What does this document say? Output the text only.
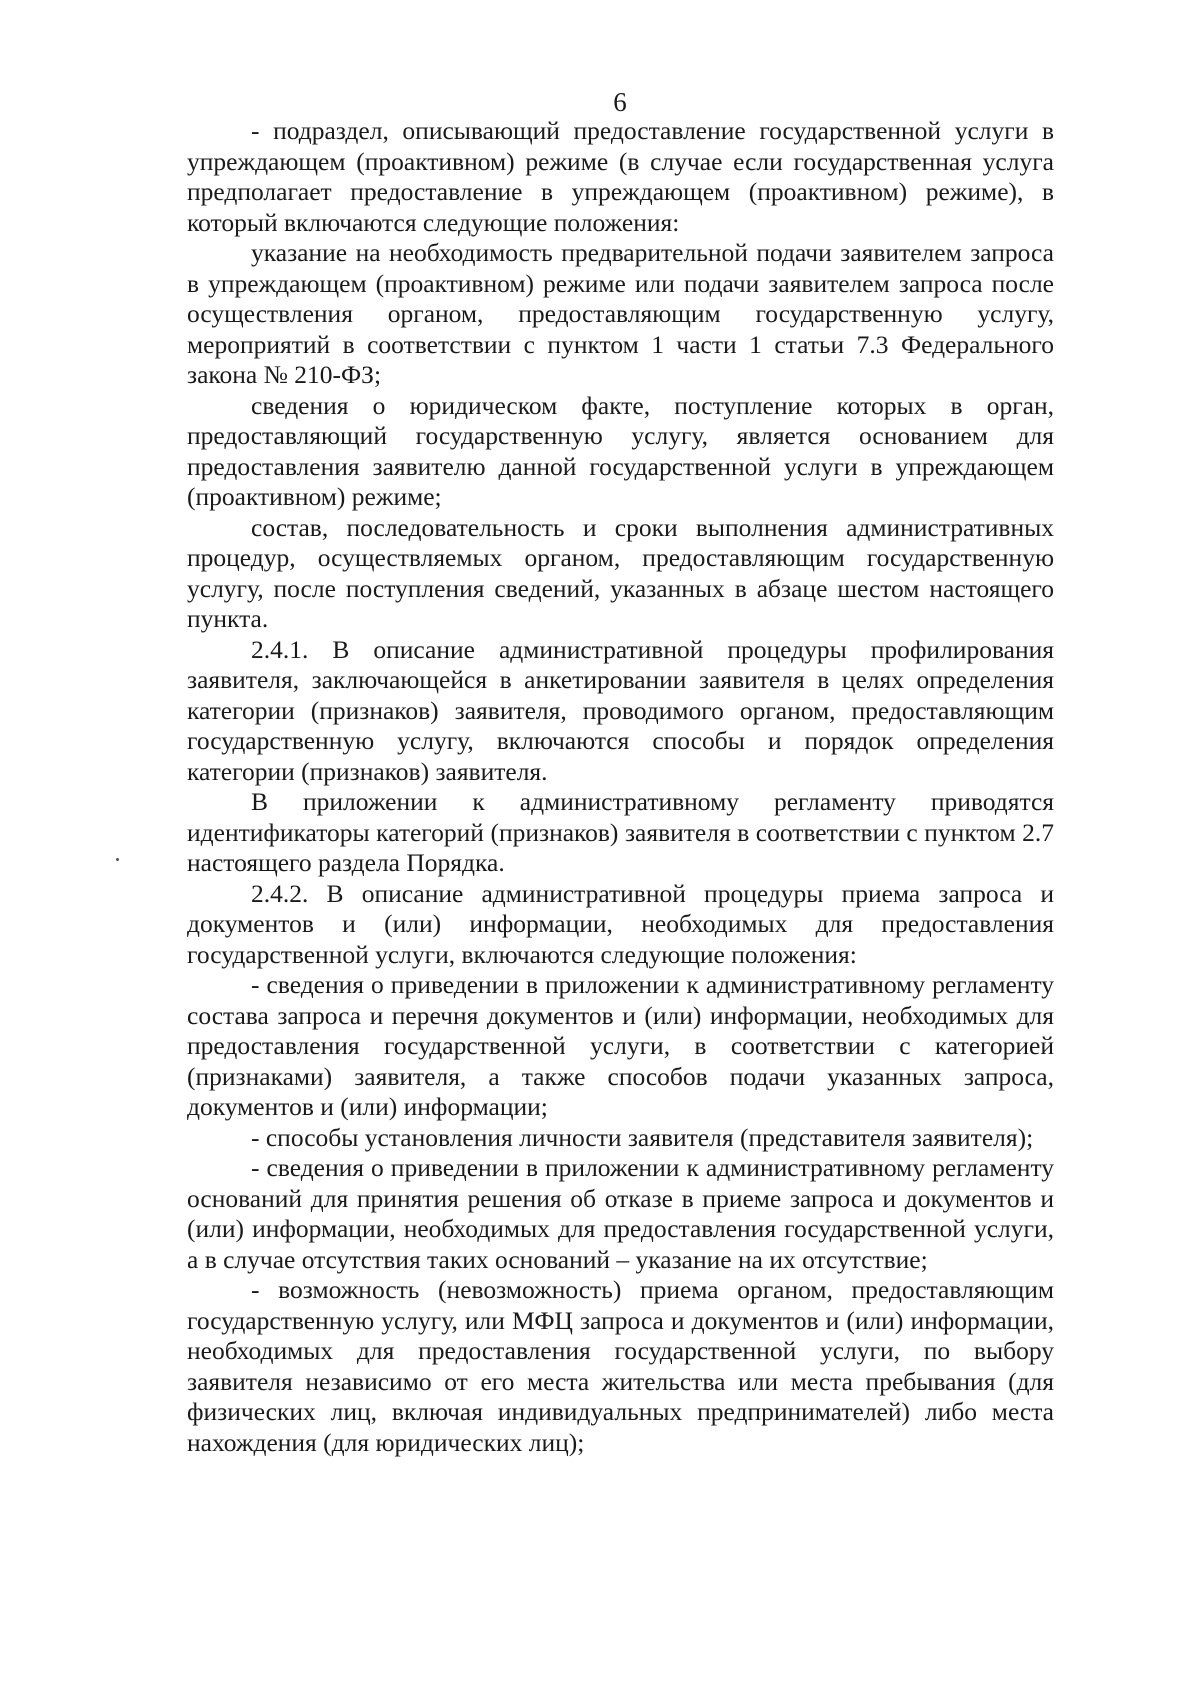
6

- подраздел, описывающий предоставление государственной услуги в упреждающем (проактивном) режиме (в случае если государственная услуга предполагает предоставление в упреждающем (проактивном) режиме), в который включаются следующие положения:

указание на необходимость предварительной подачи заявителем запроса в упреждающем (проактивном) режиме или подачи заявителем запроса после осуществления органом, предоставляющим государственную услугу, мероприятий в соответствии с пунктом 1 части 1 статьи 7.3 Федерального закона № 210-ФЗ;

сведения о юридическом факте, поступление которых в орган, предоставляющий государственную услугу, является основанием для предоставления заявителю данной государственной услуги в упреждающем (проактивном) режиме;

состав, последовательность и сроки выполнения административных процедур, осуществляемых органом, предоставляющим государственную услугу, после поступления сведений, указанных в абзаце шестом настоящего пункта.

2.4.1. В описание административной процедуры профилирования заявителя, заключающейся в анкетировании заявителя в целях определения категории (признаков) заявителя, проводимого органом, предоставляющим государственную услугу, включаются способы и порядок определения категории (признаков) заявителя.

В приложении к административному регламенту приводятся идентификаторы категорий (признаков) заявителя в соответствии с пунктом 2.7 настоящего раздела Порядка.

2.4.2. В описание административной процедуры приема запроса и документов и (или) информации, необходимых для предоставления государственной услуги, включаются следующие положения:

- сведения о приведении в приложении к административному регламенту состава запроса и перечня документов и (или) информации, необходимых для предоставления государственной услуги, в соответствии с категорией (признаками) заявителя, а также способов подачи указанных запроса, документов и (или) информации;

- способы установления личности заявителя (представителя заявителя);

- сведения о приведении в приложении к административному регламенту оснований для принятия решения об отказе в приеме запроса и документов и (или) информации, необходимых для предоставления государственной услуги, а в случае отсутствия таких оснований – указание на их отсутствие;

- возможность (невозможность) приема органом, предоставляющим государственную услугу, или МФЦ запроса и документов и (или) информации, необходимых для предоставления государственной услуги, по выбору заявителя независимо от его места жительства или места пребывания (для физических лиц, включая индивидуальных предпринимателей) либо места нахождения (для юридических лиц);
